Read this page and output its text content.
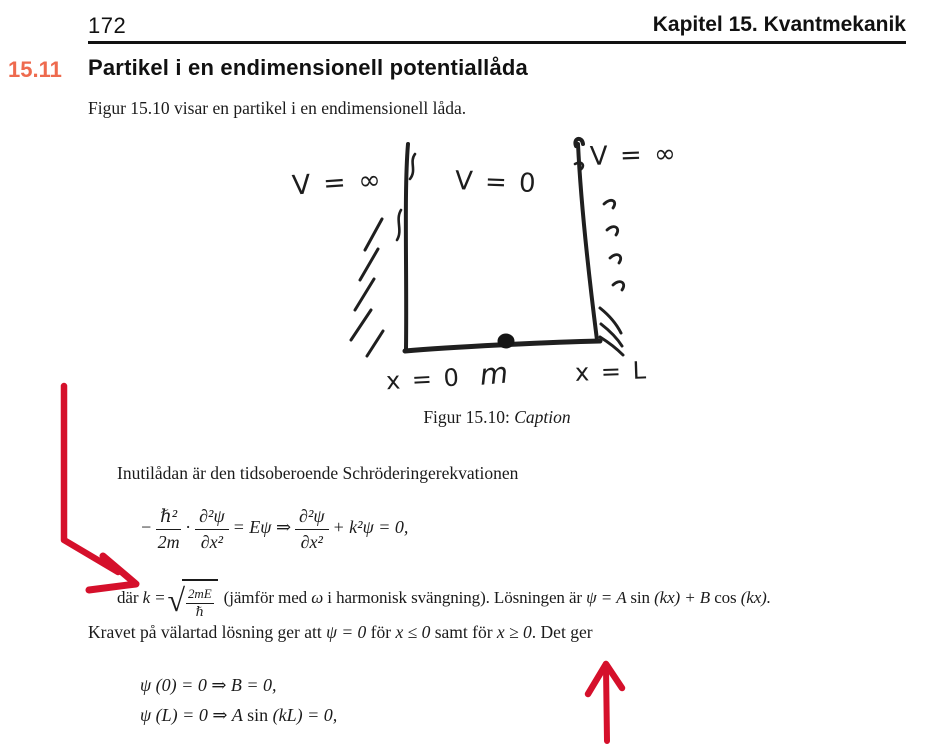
172	Kapitel 15. Kvantmekanik
15.11	Partikel i en endimensionell potentiallåda
Figur 15.10 visar en partikel i en endimensionell låda.
V = ∞	V = 0
V = ∞
x = 0 m	x = L
Figur 15.10: Caption
Inutilådan är den tidsoberoende Schröderingerekvationen
− $\frac{\text{ℏ²}}{2m} \cdot \frac{\text{∂²ψ}}{\text{∂x²}} = E\psi$ ⇒ $\frac{\text{∂²ψ}}{\text{∂x²}} + k^2\psi = 0$,
där k = √ 2mE
ℏ
(jämför med ω i harmonisk svängning). Lösningen är ψ = A sin (kx) + B cos (kx).
Kravet på välartad lösning ger att ψ = 0 för x ≤ 0 samt för x ≥ 0. Det ger
ψ (0) = 0 ⇒ B = 0,
ψ (L) = 0 ⇒ A sin (kL) = 0,
